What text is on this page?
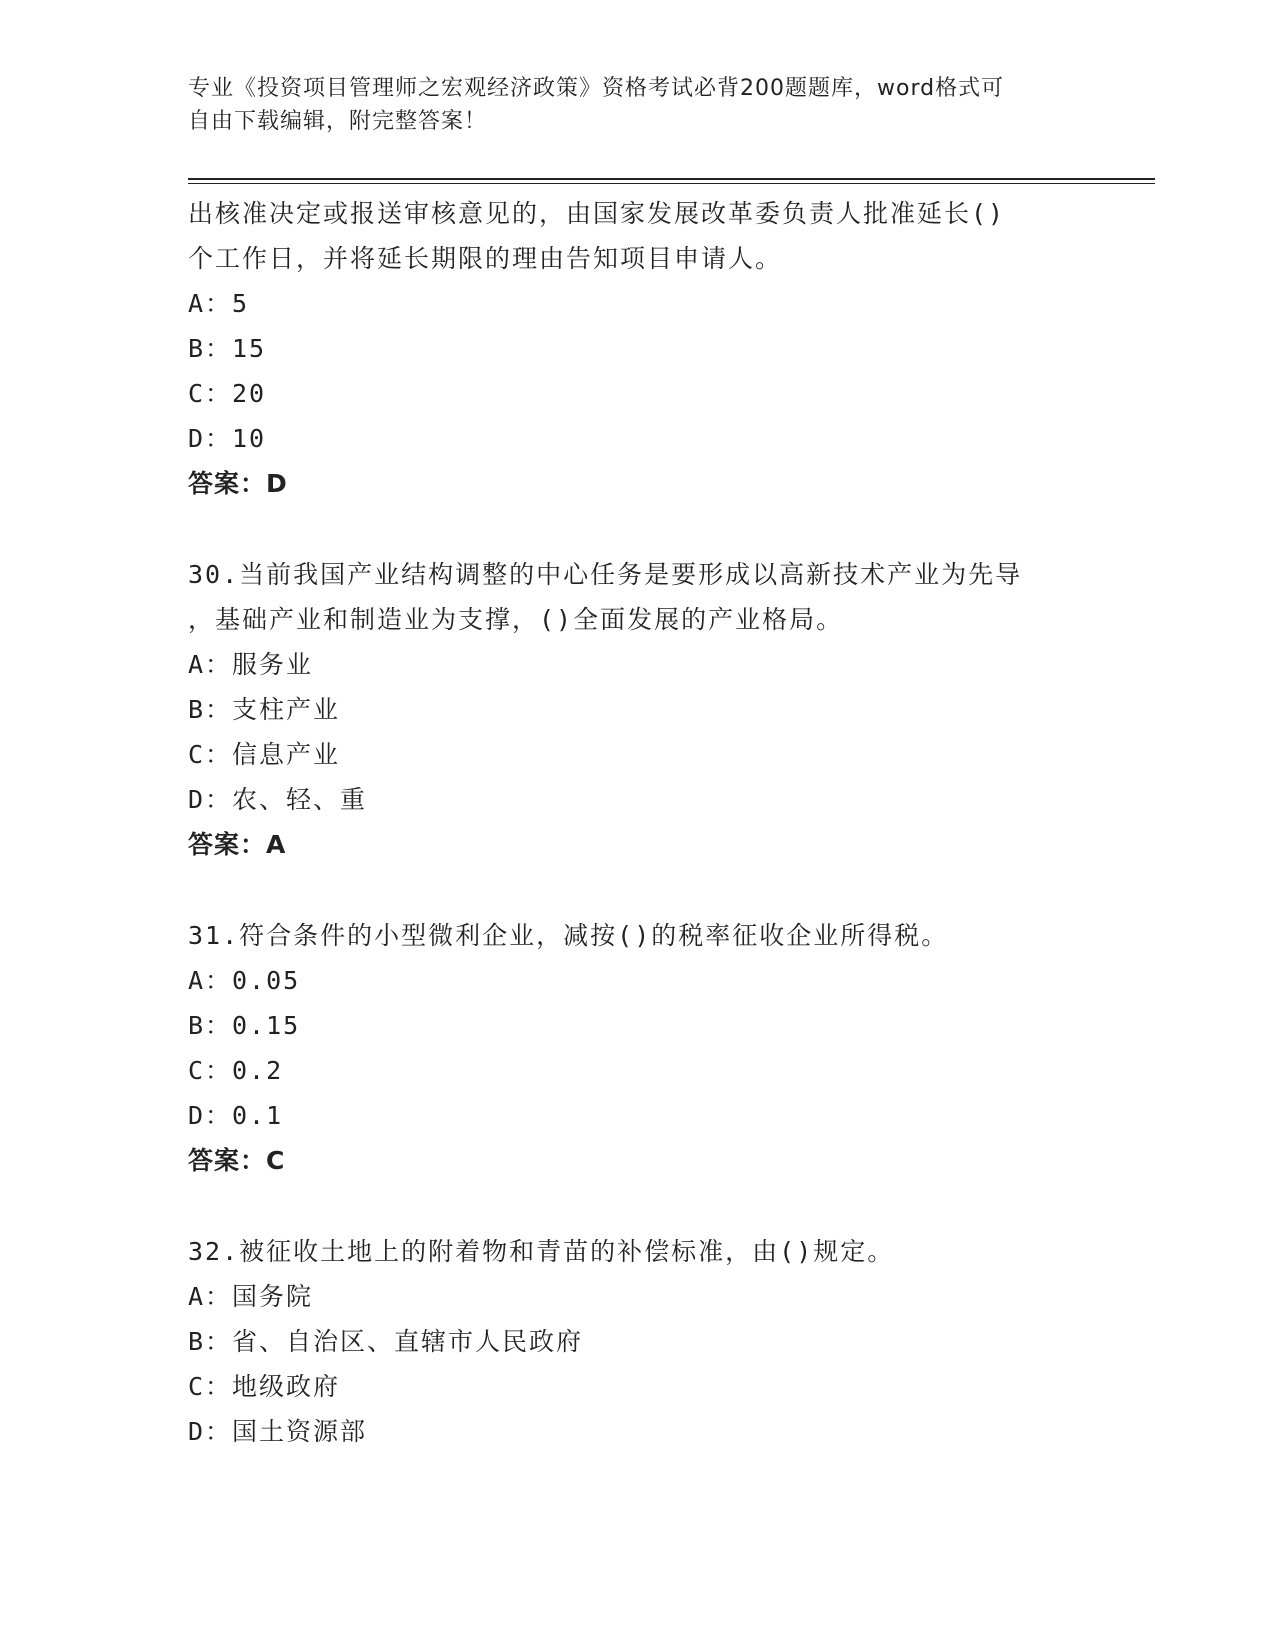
专业《投资项目管理师之宏观经济政策》资格考试必背200题题库，word格式可
自由下载编辑，附完整答案！
出核准决定或报送审核意见的，由国家发展改革委负责人批准延长()
个工作日，并将延长期限的理由告知项目申请人。
A：5
B：15
C：20
D：10
答案：D
30.当前我国产业结构调整的中心任务是要形成以高新技术产业为先导
，基础产业和制造业为支撑，()全面发展的产业格局。
A：服务业
B：支柱产业
C：信息产业
D：农、轻、重
答案：A
31.符合条件的小型微利企业，减按()的税率征收企业所得税。
A：0.05
B：0.15
C：0.2
D：0.1
答案：C
32.被征收土地上的附着物和青苗的补偿标准，由()规定。
A：国务院
B：省、自治区、直辖市人民政府
C：地级政府
D：国土资源部
